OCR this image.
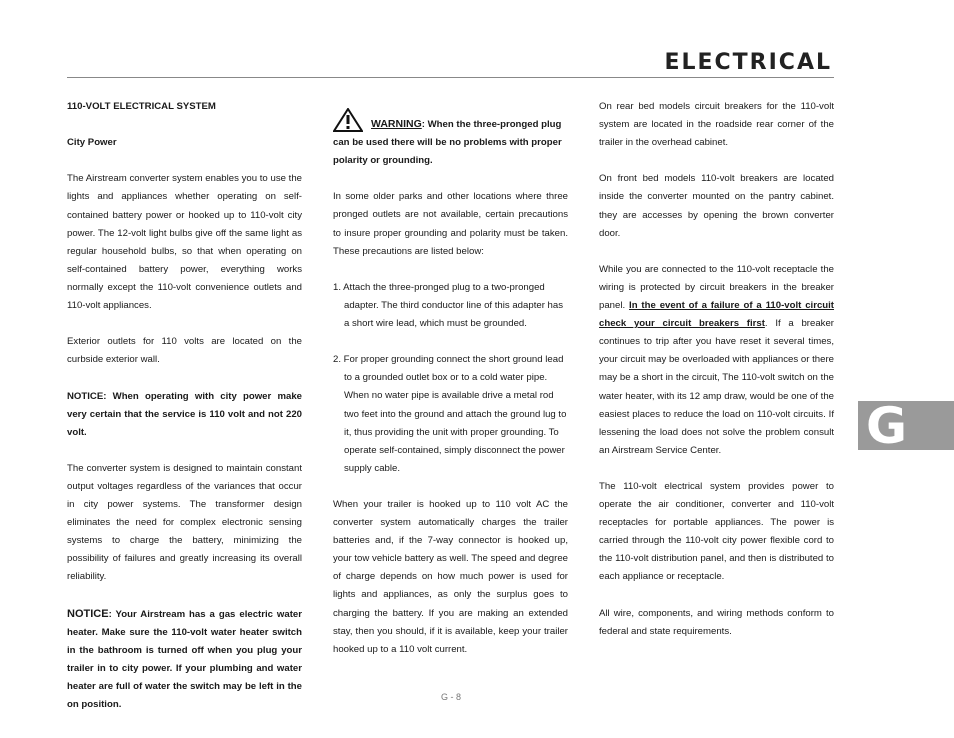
ELECTRICAL

110-VOLT ELECTRICAL SYSTEM

City Power

The Airstream converter system enables you to use the lights and appliances whether operating on self-contained battery power or hooked up to 110-volt city power. The 12-volt light bulbs give off the same light as regular household bulbs, so that when operating on self-contained battery power, everything works normally except the 110-volt convenience outlets and 110-volt appliances.

Exterior outlets for 110 volts are located on the curbside exterior wall.

NOTICE: When operating with city power make very certain that the service is 110 volt and not 220 volt.

The converter system is designed to maintain constant output voltages regardless of the variances that occur in city power systems. The transformer design eliminates the need for complex electronic sensing systems to charge the battery, minimizing the possibility of failures and greatly increasing its overall reliability.

NOTICE: Your Airstream has a gas electric water heater. Make sure the 110-volt water heater switch in the bathroom is turned off when you plug your trailer in to city power. If your plumbing and water heater are full of water the switch may be left in the on position.

WARNING: When the three-pronged plug can be used there will be no problems with proper polarity or grounding.

In some older parks and other locations where three pronged outlets are not available, certain precautions to insure proper grounding and polarity must be taken. These precautions are listed below:

1. Attach the three-pronged plug to a two-pronged adapter. The third conductor line of this adapter has a short wire lead, which must be grounded.

2. For proper grounding connect the short ground lead to a grounded outlet box or to a cold water pipe. When no water pipe is available drive a metal rod two feet into the ground and attach the ground lug to it, thus providing the unit with proper grounding. To operate self-contained, simply disconnect the power supply cable.

When your trailer is hooked up to 110 volt AC the converter system automatically charges the trailer batteries and, if the 7-way connector is hooked up, your tow vehicle battery as well. The speed and degree of charge depends on how much power is used for lights and appliances, as only the surplus goes to charging the battery. If you are making an extended stay, then you should, if it is available, keep your trailer hooked up to a 110 volt current.

On rear bed models circuit breakers for the 110-volt system are located in the roadside rear corner of the trailer in the overhead cabinet.

On front bed models 110-volt breakers are located inside the converter mounted on the pantry cabinet. they are accesses by opening the brown converter door.

While you are connected to the 110-volt receptacle the wiring is protected by circuit breakers in the breaker panel. In the event of a failure of a 110-volt circuit check your circuit breakers first. If a breaker continues to trip after you have reset it several times, your circuit may be overloaded with appliances or there may be a short in the circuit, The 110-volt switch on the water heater, with its 12 amp draw, would be one of the easiest places to reduce the load on 110-volt circuits. If lessening the load does not solve the problem consult an Airstream Service Center.

The 110-volt electrical system provides power to operate the air conditioner, converter and 110-volt receptacles for portable appliances. The power is carried through the 110-volt city power flexible cord to the 110-volt distribution panel, and then is distributed to each appliance or receptacle.

All wire, components, and wiring methods conform to federal and state requirements.

G
G - 8
